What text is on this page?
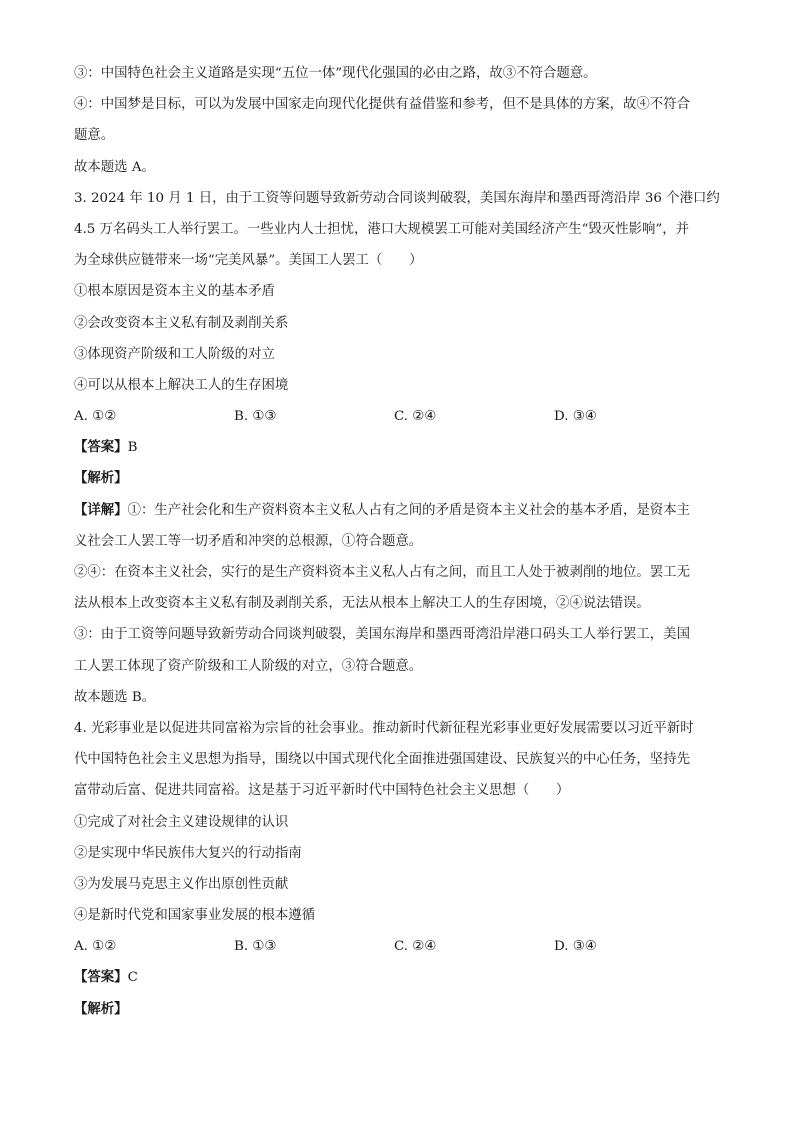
③：中国特色社会主义道路是实现“五位一体”现代化强国的必由之路，故③不符合题意。
④：中国梦是目标，可以为发展中国家走向现代化提供有益借鉴和参考，但不是具体的方案，故④不符合
题意。
故本题选 A。
3. 2024 年 10 月 1 日，由于工资等问题导致新劳动合同谈判破裂，美国东海岸和墨西哥湾沿岸 36 个港口约
4.5 万名码头工人举行罢工。一些业内人士担忧，港口大规模罢工可能对美国经济产生“毁灭性影响”，并
为全球供应链带来一场“完美风暴”。美国工人罢工（　　）
①根本原因是资本主义的基本矛盾
②会改变资本主义私有制及剥削关系
③体现资产阶级和工人阶级的对立
④可以从根本上解决工人的生存困境
A. ①②	B. ①③	C. ②④	D. ③④
【答案】B
【解析】
【详解】①：生产社会化和生产资料资本主义私人占有之间的矛盾是资本主义社会的基本矛盾，是资本主
义社会工人罢工等一切矛盾和冲突的总根源，①符合题意。
②④：在资本主义社会，实行的是生产资料资本主义私人占有之间，而且工人处于被剥削的地位。罢工无
法从根本上改变资本主义私有制及剥削关系，无法从根本上解决工人的生存困境，②④说法错误。
③：由于工资等问题导致新劳动合同谈判破裂，美国东海岸和墨西哥湾沿岸港口码头工人举行罢工，美国
工人罢工体现了资产阶级和工人阶级的对立，③符合题意。
故本题选 B。
4. 光彩事业是以促进共同富裕为宗旨的社会事业。推动新时代新征程光彩事业更好发展需要以习近平新时
代中国特色社会主义思想为指导，围绕以中国式现代化全面推进强国建设、民族复兴的中心任务，坚持先
富带动后富、促进共同富裕。这是基于习近平新时代中国特色社会主义思想（　　）
①完成了对社会主义建设规律的认识
②是实现中华民族伟大复兴的行动指南
③为发展马克思主义作出原创性贡献
④是新时代党和国家事业发展的根本遵循
A. ①②	B. ①③	C. ②④	D. ③④
【答案】C
【解析】
